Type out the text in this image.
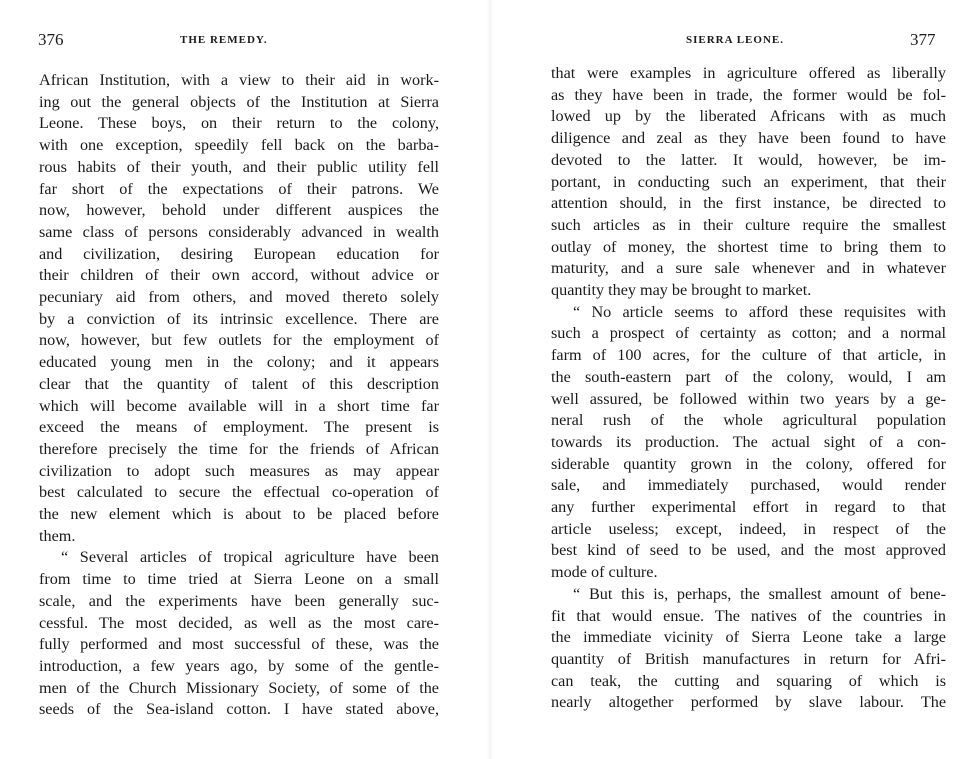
376	THE REMEDY.
African Institution, with a view to their aid in work-
ing out the general objects of the Institution at Sierra
Leone. These boys, on their return to the colony,
with one exception, speedily fell back on the barba-
rous habits of their youth, and their public utility fell
far short of the expectations of their patrons. We
now, however, behold under different auspices the
same class of persons considerably advanced in wealth
and civilization, desiring European education for
their children of their own accord, without advice or
pecuniary aid from others, and moved thereto solely
by a conviction of its intrinsic excellence. There are
now, however, but few outlets for the employment of
educated young men in the colony; and it appears
clear that the quantity of talent of this description
which will become available will in a short time far
exceed the means of employment. The present is
therefore precisely the time for the friends of African
civilization to adopt such measures as may appear
best calculated to secure the effectual co-operation of
the new element which is about to be placed before
them.
“ Several articles of tropical agriculture have been
from time to time tried at Sierra Leone on a small
scale, and the experiments have been generally suc-
cessful. The most decided, as well as the most care-
fully performed and most successful of these, was the
introduction, a few years ago, by some of the gentle-
men of the Church Missionary Society, of some of the
seeds of the Sea-island cotton. I have stated above,
SIERRA LEONE.	377
that were examples in agriculture offered as liberally
as they have been in trade, the former would be fol-
lowed up by the liberated Africans with as much
diligence and zeal as they have been found to have
devoted to the latter. It would, however, be im-
portant, in conducting such an experiment, that their
attention should, in the first instance, be directed to
such articles as in their culture require the smallest
outlay of money, the shortest time to bring them to
maturity, and a sure sale whenever and in whatever
quantity they may be brought to market.
“ No article seems to afford these requisites with
such a prospect of certainty as cotton; and a normal
farm of 100 acres, for the culture of that article, in
the south-eastern part of the colony, would, I am
well assured, be followed within two years by a ge-
neral rush of the whole agricultural population
towards its production. The actual sight of a con-
siderable quantity grown in the colony, offered for
sale, and immediately purchased, would render
any further experimental effort in regard to that
article useless; except, indeed, in respect of the
best kind of seed to be used, and the most approved
mode of culture.
“ But this is, perhaps, the smallest amount of bene-
fit that would ensue. The natives of the countries in
the immediate vicinity of Sierra Leone take a large
quantity of British manufactures in return for Afri-
can teak, the cutting and squaring of which is
nearly altogether performed by slave labour. The
